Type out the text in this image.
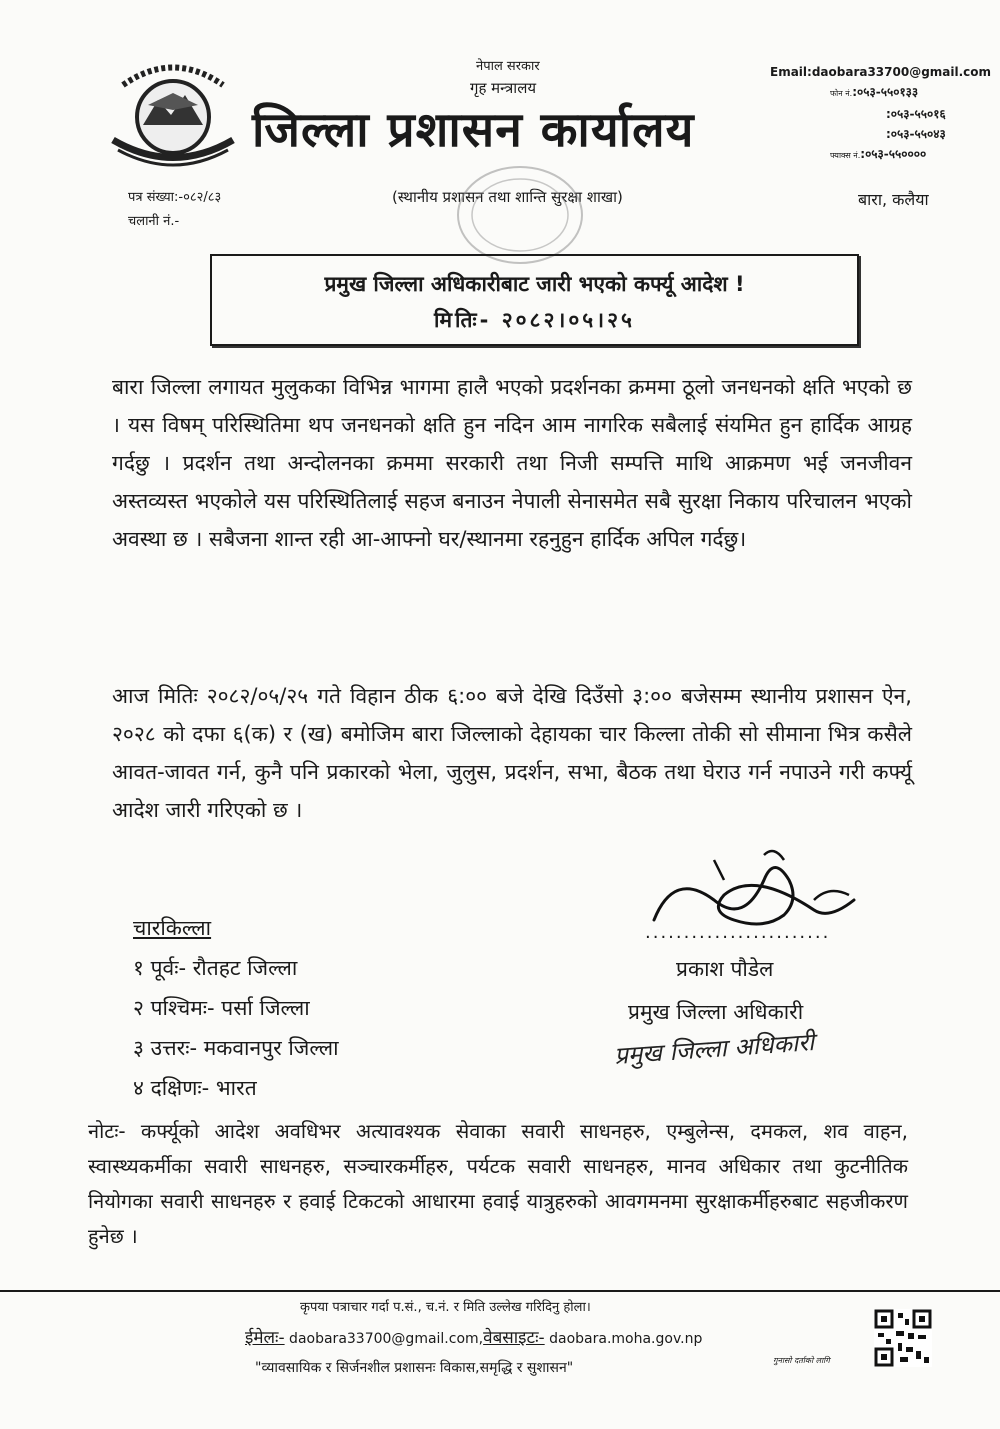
नेपाल सरकार
गृह मन्त्रालय
जिल्ला प्रशासन कार्यालय
Email:daobara33700@gmail.com
फोन नं.:०५३-५५०१३३
:०५३-५५०१६
:०५३-५५०४३
फ्याक्स नं.:०५३-५५००००
पत्र संख्या:-०८२/८३
चलानी नं.-
(स्थानीय प्रशासन तथा शान्ति सुरक्षा शाखा)	बारा, कलैया
प्रमुख जिल्ला अधिकारीबाट जारी भएको कर्फ्यू आदेश !
मितिः- २०८२।०५।२५
बारा जिल्ला लगायत मुलुकका विभिन्न भागमा हालै भएको प्रदर्शनका क्रममा ठूलो जनधनको क्षति भएको छ । यस विषम् परिस्थितिमा थप जनधनको क्षति हुन नदिन आम नागरिक सबैलाई संयमित हुन हार्दिक आग्रह गर्दछु । प्रदर्शन तथा अन्दोलनका क्रममा सरकारी तथा निजी सम्पत्ति माथि आक्रमण भई जनजीवन अस्तव्यस्त भएकोले यस परिस्थितिलाई सहज बनाउन नेपाली सेनासमेत सबै सुरक्षा निकाय परिचालन भएको अवस्था छ । सबैजना शान्त रही आ-आफ्नो घर/स्थानमा रहनुहुन हार्दिक अपिल गर्दछु।
आज मितिः २०८२/०५/२५ गते विहान ठीक ६:०० बजे देखि दिउँसो ३:०० बजेसम्म स्थानीय प्रशासन ऐन, २०२८ को दफा ६(क) र (ख) बमोजिम बारा जिल्लाको देहायका चार किल्ला तोकी सो सीमाना भित्र कसैले आवत-जावत गर्न, कुनै पनि प्रकारको भेला, जुलुस, प्रदर्शन, सभा, बैठक तथा घेराउ गर्न नपाउने गरी कर्फ्यू आदेश जारी गरिएको छ ।
चारकिल्ला
१ पूर्वः- रौतहट जिल्ला
२ पश्चिमः- पर्सा जिल्ला
३ उत्तरः- मकवानपुर जिल्ला
४ दक्षिणः- भारत
........................
प्रकाश पौडेल
प्रमुख जिल्ला अधिकारी
प्रमुख जिल्ला अधिकारी
नोटः- कर्फ्यूको आदेश अवधिभर अत्यावश्यक सेवाका सवारी साधनहरु, एम्बुलेन्स, दमकल, शव वाहन, स्वास्थ्यकर्मीका सवारी साधनहरु, सञ्चारकर्मीहरु, पर्यटक सवारी साधनहरु, मानव अधिकार तथा कुटनीतिक नियोगका सवारी साधनहरु र हवाई टिकटको आधारमा हवाई यात्रुहरुको आवगमनमा सुरक्षाकर्मीहरुबाट सहजीकरण हुनेछ ।
कृपया पत्राचार गर्दा प.सं., च.नं. र मिति उल्लेख गरिदिनु होला।
ईमेलः- daobara33700@gmail.com,वेबसाइटः- daobara.moha.gov.np
"व्यावसायिक र सिर्जनशील प्रशासनः विकास,समृद्धि र सुशासन"	गुनासो दर्ताको लागि
